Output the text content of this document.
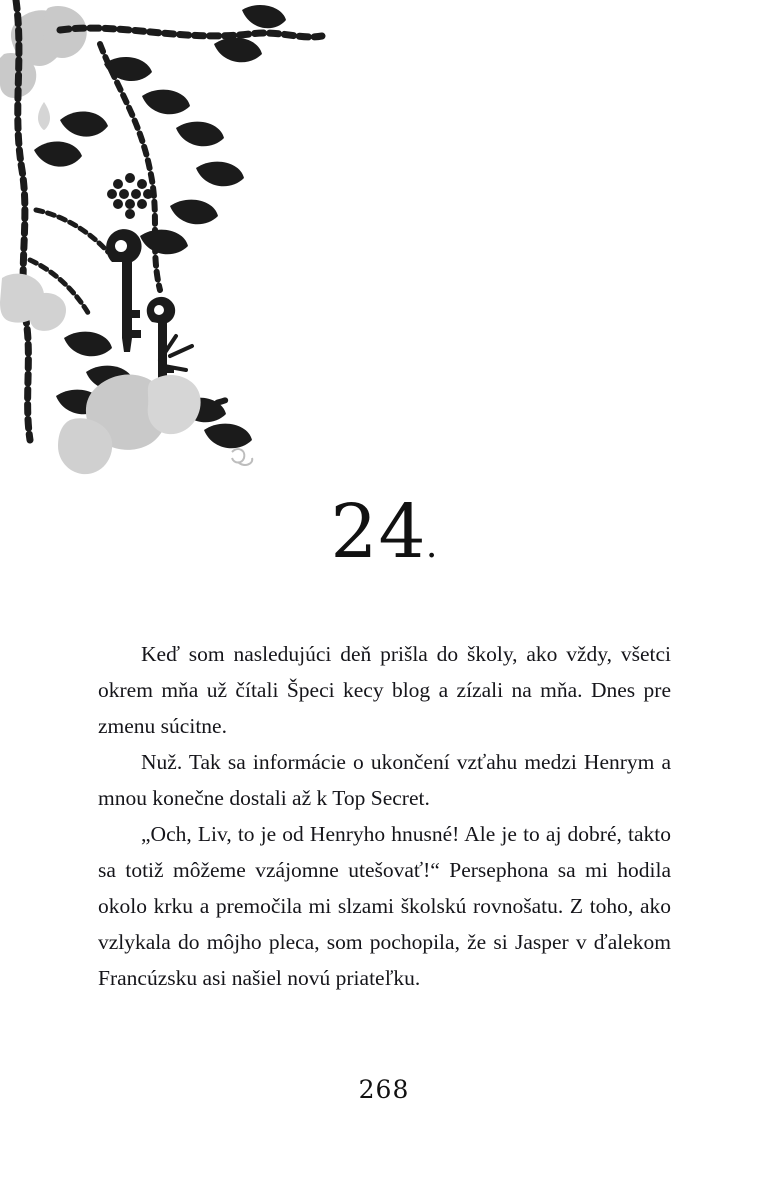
24.

Keď som nasledujúci deň prišla do školy, ako vždy, všetci okrem mňa už čítali Špeci kecy blog a zízali na mňa. Dnes pre zmenu súcitne.

Nuž. Tak sa informácie o ukončení vzťahu medzi Henrym a mnou konečne dostali až k Top Secret.

„Och, Liv, to je od Henryho hnusné! Ale je to aj dobré, takto sa totiž môžeme vzájomne utešovať!“ Persephona sa mi hodila okolo krku a premočila mi slzami školskú rovnošatu. Z toho, ako vzlykala do môjho pleca, som pochopila, že si Jasper v ďalekom Francúzsku asi našiel novú priateľku.

268
